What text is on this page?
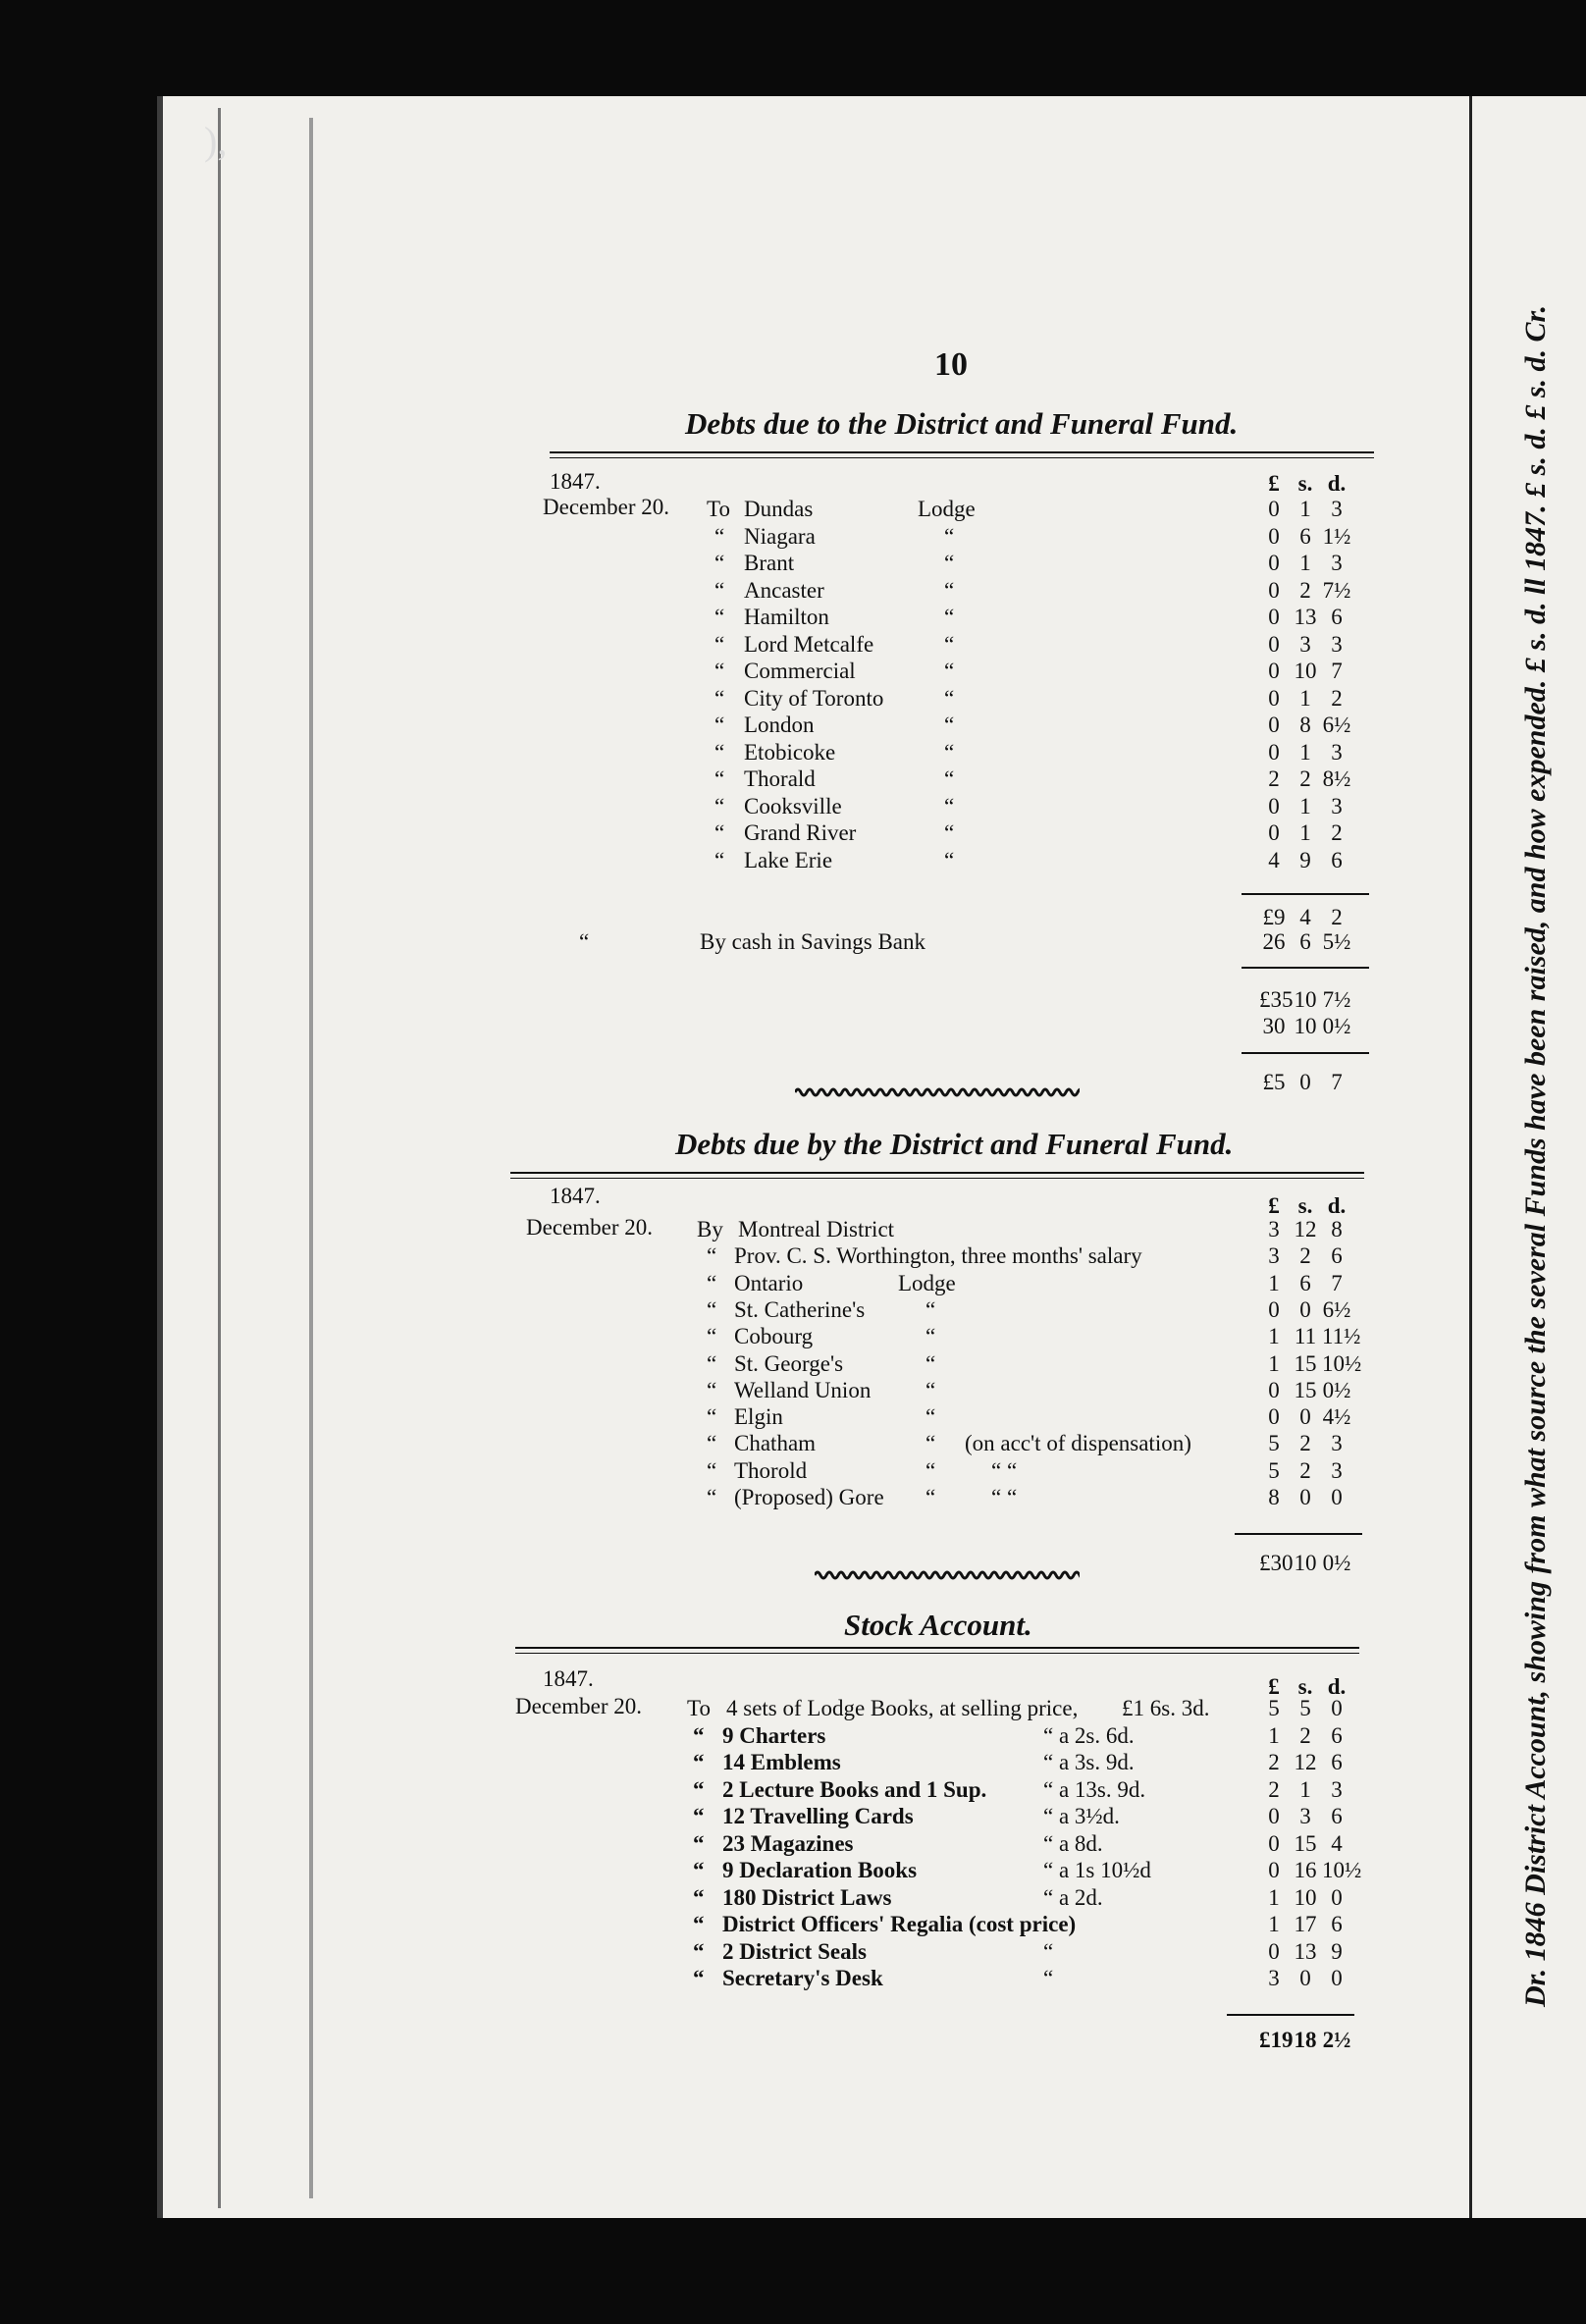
),
Dr. 1846 District Account, showing from what source the several Funds have been raised, and how expended. £ s. d. ll 1847. £ s. d. £ s. d. Cr.
10
Debts due to the District and Funeral Fund.
1847.	£ s. d.
December 20. To Dundas	Lodge	0 1 3
“ Niagara	“	0 6 1½
“ Brant	“	0 1 3
“ Ancaster	“	0 2 7½
“ Hamilton	“	0 13 6
“ Lord Metcalfe	“	0 3 3
“ Commercial	“	0 10 7
“ City of Toronto	“	0 1 2
“ London	“	0 8 6½
“ Etobicoke	“	0 1 3
“ Thorald	“	2 2 8½
“ Cooksville	“	0 1 3
“ Grand River	“	0 1 2
“ Lake Erie	“	4 9 6
£9 4 2
“	By cash in Savings Bank	26 6 5½
£35 10 7½
30 10 0½
£5 0 7
Debts due by the District and Funeral Fund.
1847.	£ s. d.
December 20. By Montreal District	3 12 8
“ Prov. C. S. Worthington, three months' salary	3 2 6
“ Ontario	Lodge	1 6 7
“ St. Catherine's	“	0 0 6½
“ Cobourg	“	1 11 11½
“ St. George's	“	1 15 10½
“ Welland Union “	0 15 0½
“ Elgin	“	0 0 4½
“ Chatham	“ (on acc't of dispensation)	5 2 3
“ Thorold	“ “ “	5 2 3
“ (Proposed) Gore “ “ “	8 0 0
£30 10 0½
Stock Account.
1847.	£ s. d.
December 20. To 4 sets of Lodge Books, at selling price, £1 6s. 3d.	5 5 0
“ 9 Charters	“ a 2s. 6d.	1 2 6
“ 14 Emblems	“ a 3s. 9d.	2 12 6
“ 2 Lecture Books and 1 Sup.	“ a 13s. 9d.	2 1 3
“ 12 Travelling Cards	“ a 3½d.	0 3 6
“ 23 Magazines	“ a 8d.	0 15 4
“ 9 Declaration Books	“ a 1s 10½d	0 16 10½
“ 180 District Laws	“ a 2d.	1 10 0
“ District Officers' Regalia (cost price)	1 17 6
“ 2 District Seals	“	0 13 9
“ Secretary's Desk	“	3 0 0
£19 18 2½
